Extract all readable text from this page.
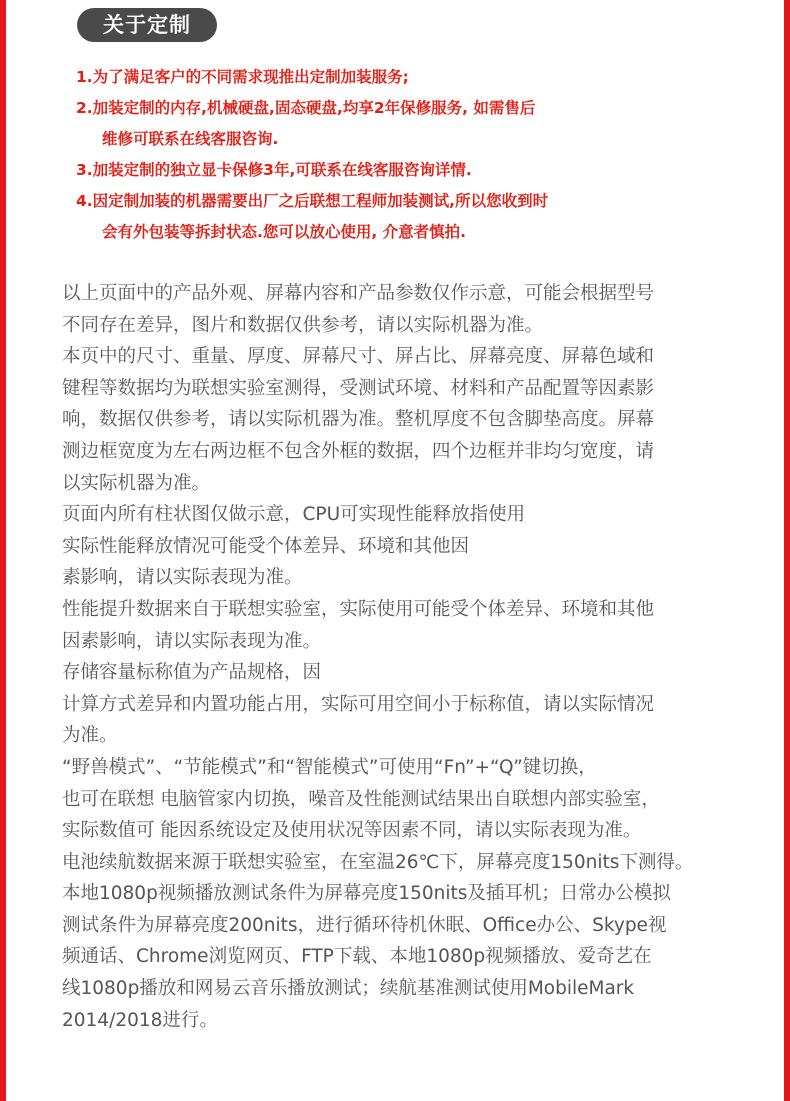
关于定制
1.为了满足客户的不同需求现推出定制加装服务;
2.加装定制的内存,机械硬盘,固态硬盘,均享2年保修服务, 如需售后
维修可联系在线客服咨询.
3.加装定制的独立显卡保修3年,可联系在线客服咨询详情.
4.因定制加装的机器需要出厂之后联想工程师加装测试,所以您收到时
会有外包装等拆封状态.您可以放心使用, 介意者慎拍.

以上页面中的产品外观、屏幕内容和产品参数仅作示意，可能会根据型号

不同存在差异，图片和数据仅供参考，请以实际机器为准。

本页中的尺寸、重量、厚度、屏幕尺寸、屏占比、屏幕亮度、屏幕色域和

键程等数据均为联想实验室测得，受测试环境、材料和产品配置等因素影

响，数据仅供参考，请以实际机器为准。整机厚度不包含脚垫高度。屏幕

测边框宽度为左右两边框不包含外框的数据，四个边框并非均匀宽度，请

以实际机器为准。

页面内所有柱状图仅做示意，CPU可实现性能释放指使用

实际性能释放情况可能受个体差异、环境和其他因

素影响，请以实际表现为准。

性能提升数据来自于联想实验室，实际使用可能受个体差异、环境和其他

因素影响，请以实际表现为准。

存储容量标称值为产品规格，因

计算方式差异和内置功能占用，实际可用空间小于标称值，请以实际情况

为准。

“野兽模式”、“节能模式”和“智能模式”可使用“Fn”+“Q”键切换，

也可在联想 电脑管家内切换，噪音及性能测试结果出自联想内部实验室，

实际数值可 能因系统设定及使用状况等因素不同，请以实际表现为准。

电池续航数据来源于联想实验室，在室温26℃下，屏幕亮度150nits下测得。

本地1080p视频播放测试条件为屏幕亮度150nits及插耳机；日常办公模拟

测试条件为屏幕亮度200nits，进行循环待机休眠、Office办公、Skype视

频通话、Chrome浏览网页、FTP下载、本地1080p视频播放、爱奇艺在

线1080p播放和网易云音乐播放测试；续航基准测试使用MobileMark

2014/2018进行。
